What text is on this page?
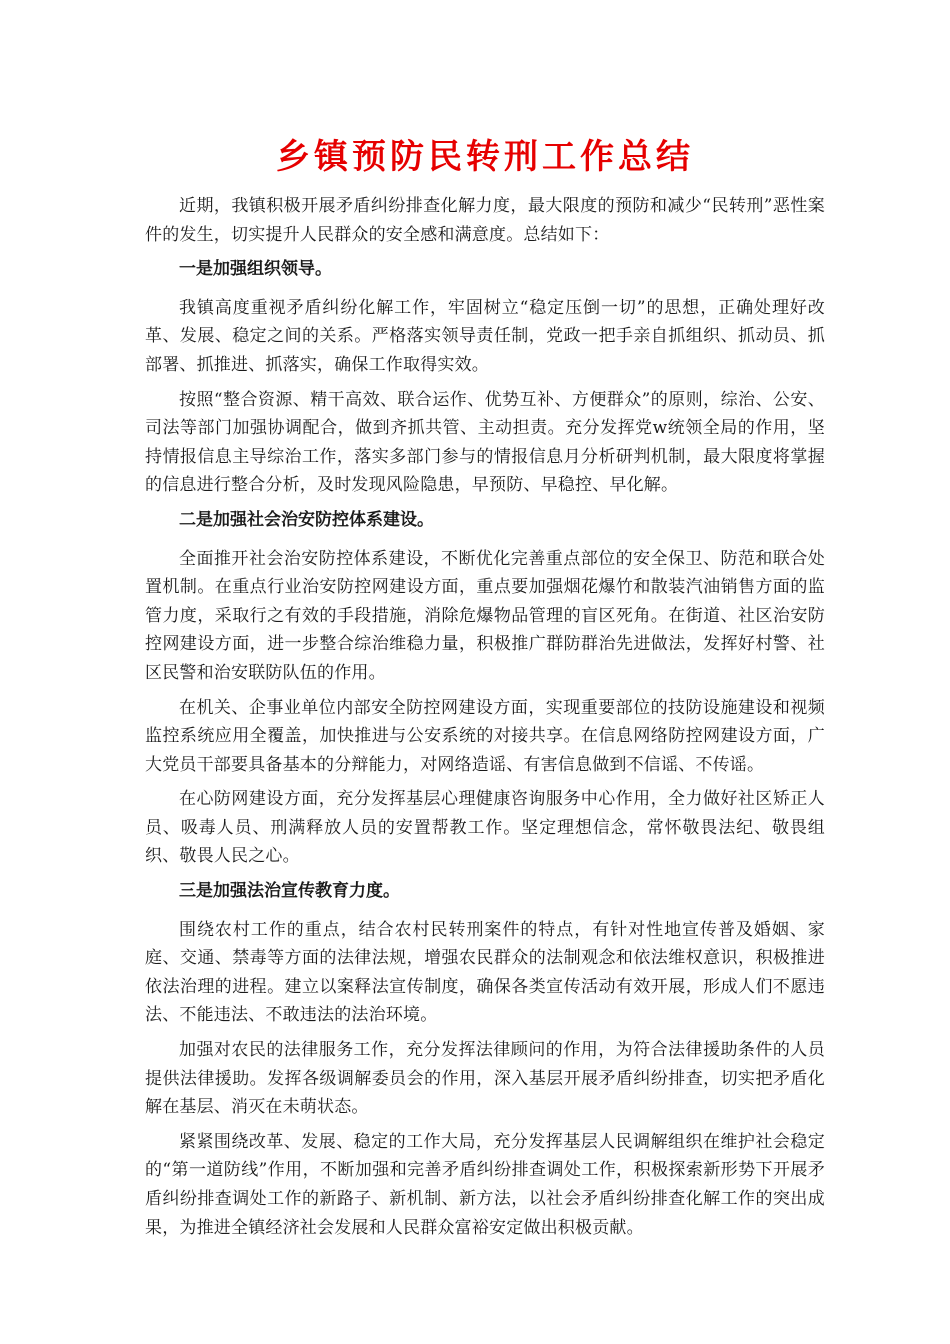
乡镇预防民转刑工作总结

近期，我镇积极开展矛盾纠纷排查化解力度，最大限度的预防和减少“民转刑”恶性案件的发生，切实提升人民群众的安全感和满意度。总结如下：

一是加强组织领导。

我镇高度重视矛盾纠纷化解工作，牢固树立“稳定压倒一切”的思想，正确处理好改革、发展、稳定之间的关系。严格落实领导责任制，党政一把手亲自抓组织、抓动员、抓部署、抓推进、抓落实，确保工作取得实效。

按照“整合资源、精干高效、联合运作、优势互补、方便群众”的原则，综治、公安、司法等部门加强协调配合，做到齐抓共管、主动担责。充分发挥党w统领全局的作用，坚持情报信息主导综治工作，落实多部门参与的情报信息月分析研判机制，最大限度将掌握的信息进行整合分析，及时发现风险隐患，早预防、早稳控、早化解。

二是加强社会治安防控体系建设。

全面推开社会治安防控体系建设，不断优化完善重点部位的安全保卫、防范和联合处置机制。在重点行业治安防控网建设方面，重点要加强烟花爆竹和散装汽油销售方面的监管力度，采取行之有效的手段措施，消除危爆物品管理的盲区死角。在街道、社区治安防控网建设方面，进一步整合综治维稳力量，积极推广群防群治先进做法，发挥好村警、社区民警和治安联防队伍的作用。

在机关、企事业单位内部安全防控网建设方面，实现重要部位的技防设施建设和视频监控系统应用全覆盖，加快推进与公安系统的对接共享。在信息网络防控网建设方面，广大党员干部要具备基本的分辩能力，对网络造谣、有害信息做到不信谣、不传谣。

在心防网建设方面，充分发挥基层心理健康咨询服务中心作用，全力做好社区矫正人员、吸毒人员、刑满释放人员的安置帮教工作。坚定理想信念，常怀敬畏法纪、敬畏组织、敬畏人民之心。

三是加强法治宣传教育力度。

围绕农村工作的重点，结合农村民转刑案件的特点，有针对性地宣传普及婚姻、家庭、交通、禁毒等方面的法律法规，增强农民群众的法制观念和依法维权意识，积极推进依法治理的进程。建立以案释法宣传制度，确保各类宣传活动有效开展，形成人们不愿违法、不能违法、不敢违法的法治环境。

加强对农民的法律服务工作，充分发挥法律顾问的作用，为符合法律援助条件的人员提供法律援助。发挥各级调解委员会的作用，深入基层开展矛盾纠纷排查，切实把矛盾化解在基层、消灭在未萌状态。

紧紧围绕改革、发展、稳定的工作大局，充分发挥基层人民调解组织在维护社会稳定的“第一道防线”作用，不断加强和完善矛盾纠纷排查调处工作，积极探索新形势下开展矛盾纠纷排查调处工作的新路子、新机制、新方法，以社会矛盾纠纷排查化解工作的突出成果，为推进全镇经济社会发展和人民群众富裕安定做出积极贡献。
